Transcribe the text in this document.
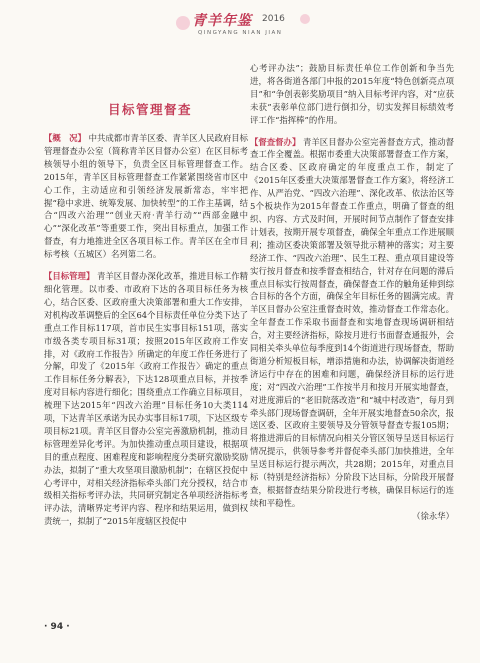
青羊年鉴 2016
QINGYANG NIAN JIAN
目标管理督查

【概　况】 中共成都市青羊区委、青羊区人民政府目标管理督查办公室（简称青羊区目督办公室）在区目标考核领导小组的领导下，负责全区目标管理督查工作。2015年，青羊区目标管理督查工作紧紧围绕省市区中心工作，主动适应和引领经济发展新常态，牢牢把握“稳中求进、统筹发展、加快转型”的工作主基调，结合“四改六治理”“创业天府·青羊行动”“西部金融中心”“深化改革”等重要工作，突出目标重点，加强工作督查，有力地推进全区各项目标工作。青羊区在全市目标考核（五城区）名列第二名。

【目标管理】 青羊区目督办深化改革，推进目标工作精细化管理。以市委、市政府下达的各项目标任务为核心，结合区委、区政府重大决策部署和重大工作安排，对机构改革调整后的全区64个目标责任单位分类下达了重点工作目标117项，首市民生实事目标151项，落实市级各类专项目标31项；按照2015年区政府工作安排，对《政府工作报告》所确定的年度工作任务进行了分解，印发了《2015年〈政府工作报告〉确定的重点工作目标任务分解表》，下达128项重点目标，并按季度对目标内容进行细化；围绕重点工作确立目标项目，梳理下达2015年“四改六治理”目标任务10大类114项，下达青羊区承诺为民办实事目标17项，下达区级专项目标21项。青羊区目督办公室完善激励机制，推动目标管理差异化考评。为加快推动重点项目建设，根据项目的重点程度、困难程度和影响程度分类研究激励奖励办法，拟制了“重大攻坚项目激励机制”；在辖区投促中心考评中，对相关经济指标牵头部门充分授权，结合市级相关指标考评办法，共同研究制定各单项经济指标考评办法，清晰界定考评内容、程序和结果运用，做到权责统一，拟制了“2015年度辖区投促中

心考评办法”；鼓励目标责任单位工作创新和争当先进，将各街道各部门申报的2015年度“特色创新亮点项目”和“争创表彰奖励项目”纳入目标考评内容，对“应获未获”表彰单位部门进行倒扣分，切实发挥目标绩效考评工作“指挥棒”的作用。

【督查督办】 青羊区目督办公室完善督查方式，推动督查工作全覆盖。根据市委重大决策部署督查工作方案，结合区委、区政府确定的年度重点工作，制定了《2015年区委重大决策部署督查工作方案》，将经济工作、从严治党、“四改六治理”、深化改革、依法治区等5个板块作为2015年督查工作重点，明确了督查的组织、内容、方式及时间，开展时间节点制作了督查安排计划表，按期开展专项督查，确保全年重点工作进展顺利；推动区委决策部署及领导批示精神的落实；对主要经济工作、“四改六治理”、民生工程、重点项目建设等实行按月督查和按季督查相结合，针对存在问题的滞后重点目标实行按周督查，确保督查工作的触角延伸到综合目标的各个方面，确保全年目标任务的圆满完成。青羊区目督办公室注重督查时效，推动督查工作常态化。全年督查工作采取书面督查和实地督查现场调研相结合，对主要经济指标，除按月进行书面督查通报外，会同相关牵头单位每季度到14个街道进行现场督查，帮助街道分析短板目标，增添措施和办法，协调解决街道经济运行中存在的困难和问题，确保经济目标的运行进度；对“四改六治理”工作按半月和按月开展实地督查，对进度滞后的“老旧院落改造”和“城中村改造”，每月到牵头部门现场督查调研，全年开展实地督查50余次，报送区委、区政府主要领导及分管领导督查专报105期；将推进滞后的目标情况向相关分管区领导呈送目标运行情况提示，供领导参考并督促牵头部门加快推进，全年呈送目标运行提示两次，共28期；2015年，对重点目标（特别是经济指标）分阶段下达目标，分阶段开展督查，根据督查结果分阶段进行考核，确保目标运行的连续和平稳性。
（徐永华）

· 94 ·
